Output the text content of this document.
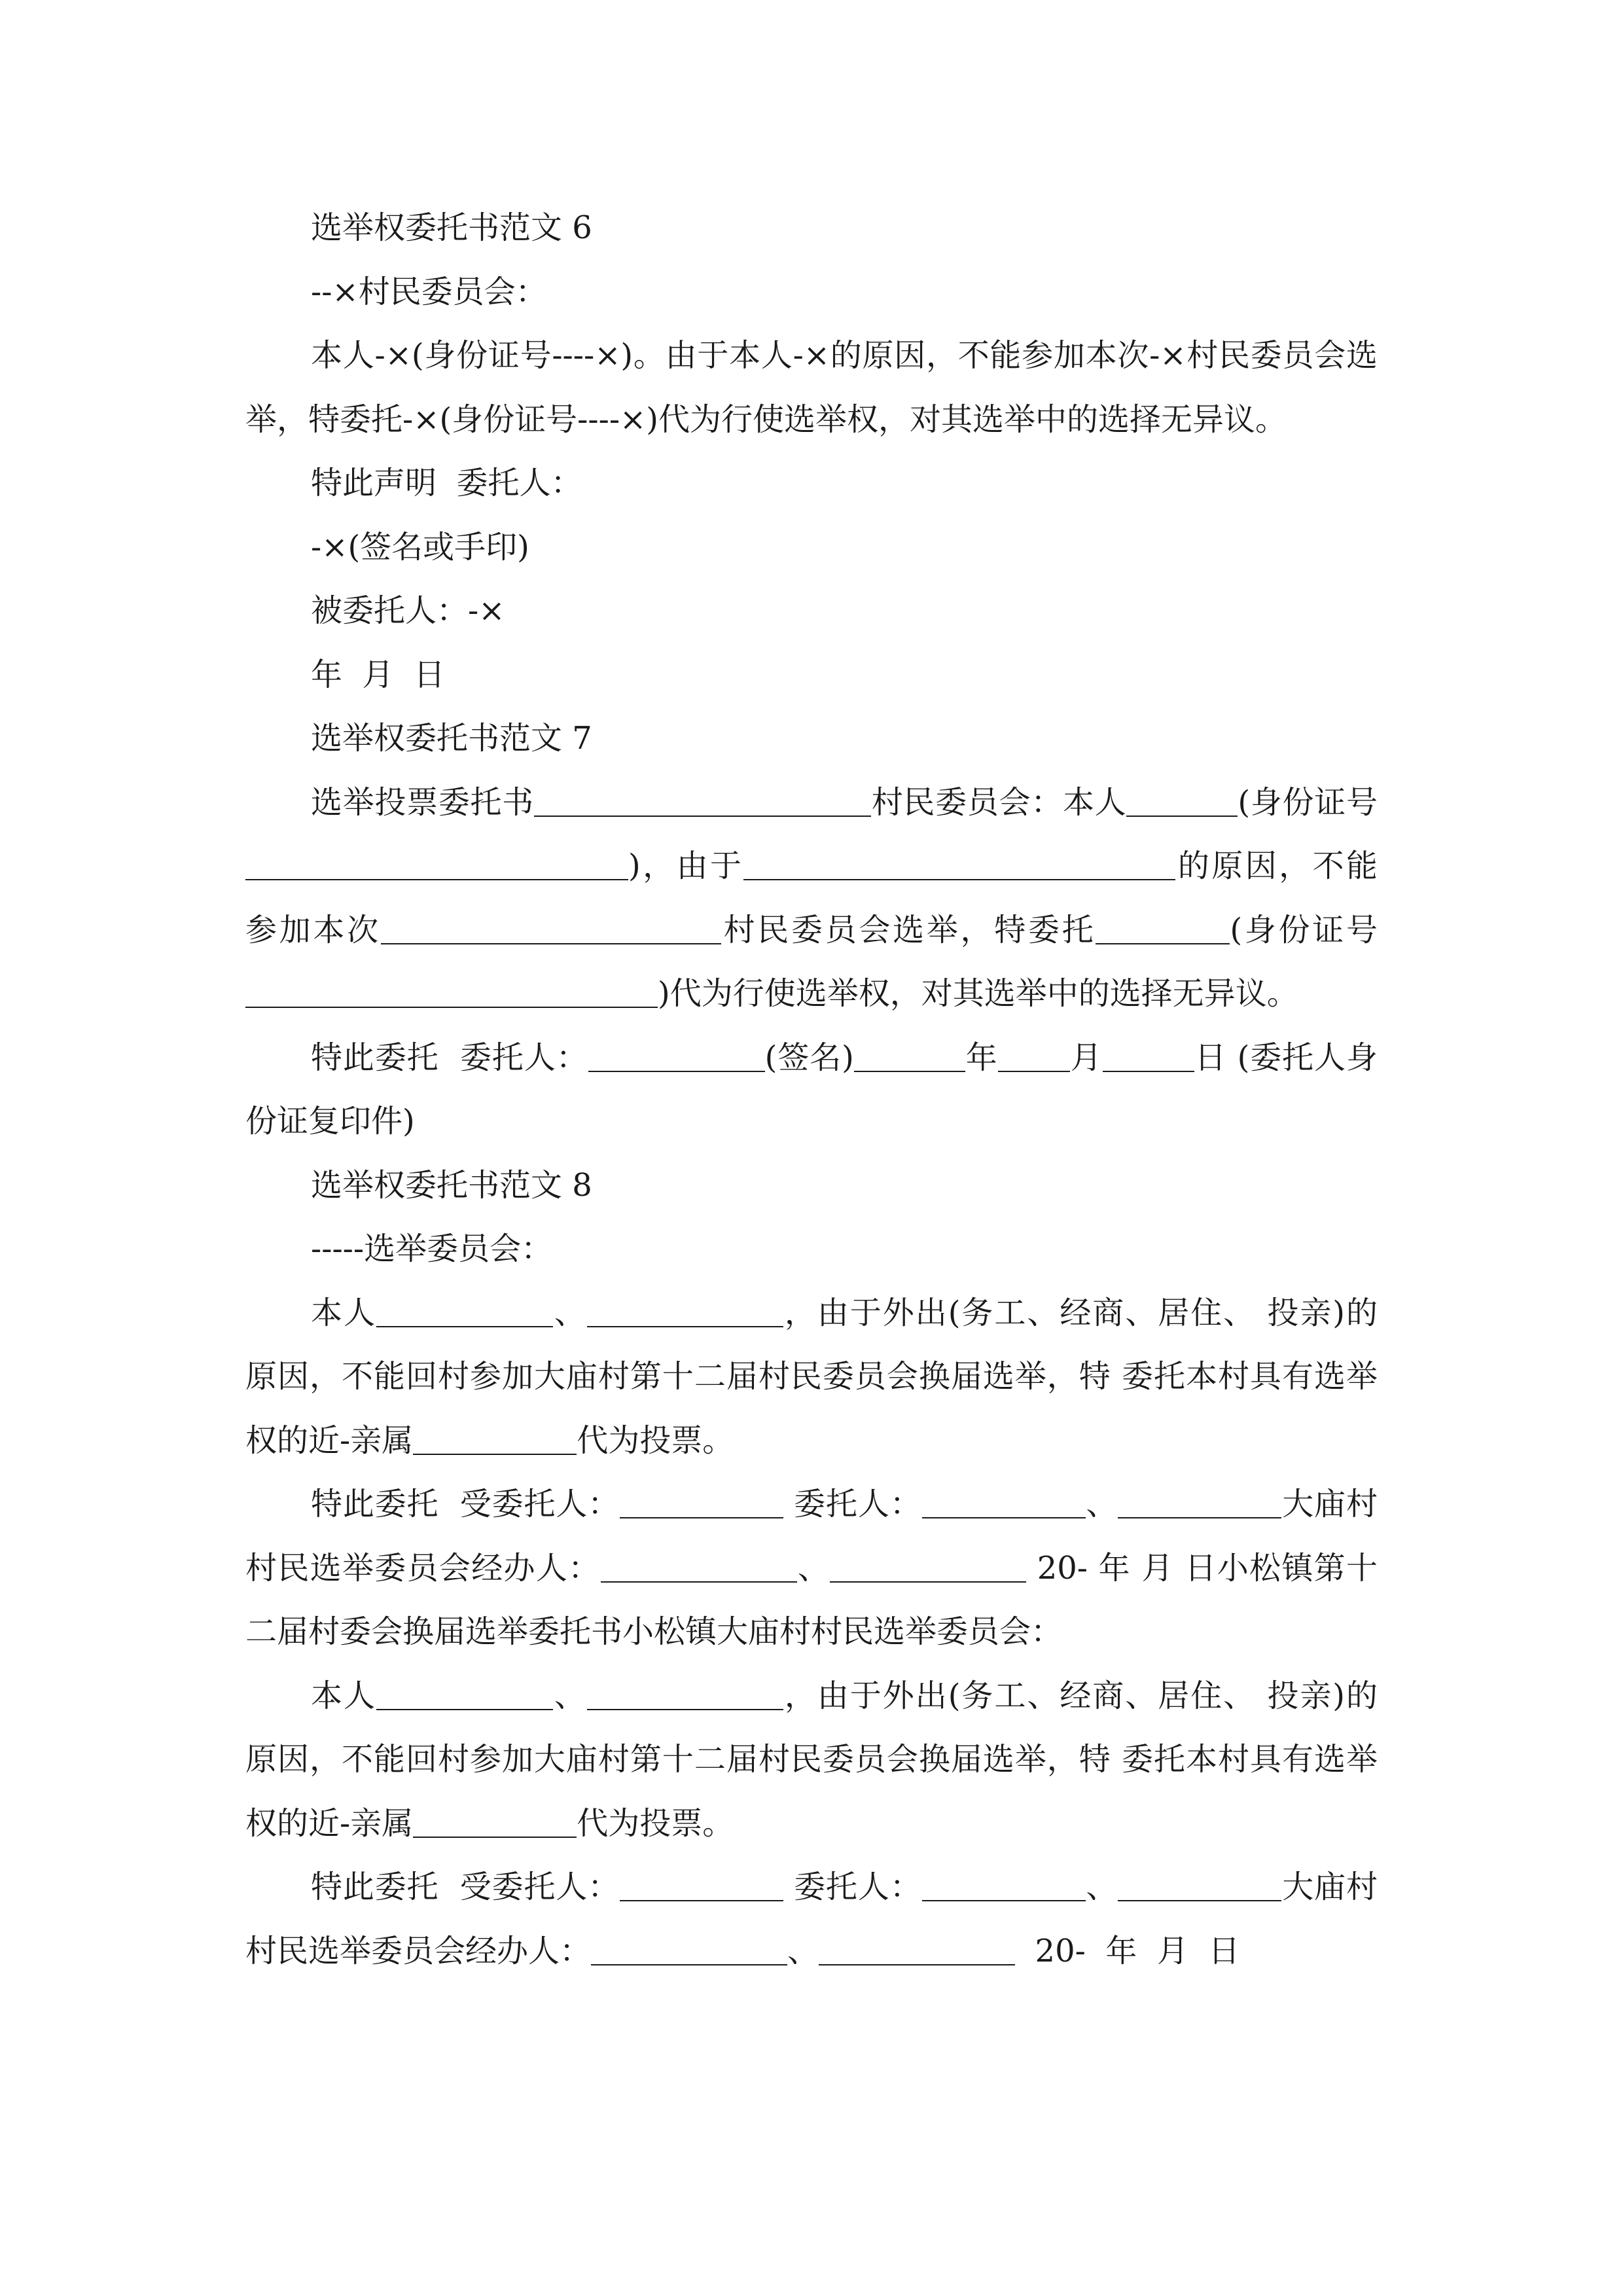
选举权委托书范文 6

--×村民委员会：

本人-×(身份证号----×)。由于本人-×的原因，不能参加本次-×村民委员会选举，特委托-×(身份证号----×)代为行使选举权，对其选举中的选择无异议。

特此声明  委托人：

-×(签名或手印)

被委托人：-×

年  月  日

选举权委托书范文 7

选举投票委托书	村民委员会：本人	(身份证号)，由于	的原因，不能参加本次	村民委员会选举，特委托	(身份证号)代为行使选举权，对其选举中的选择无异议。

特此委托  委托人：	(签名)	年 月	日 (委托人身份证复印件)

选举权委托书范文 8

-----选举委员会：

本人	、	，由于外出(务工、经商、居住、 投亲)的原因，不能回村参加大庙村第十二届村民委员会换届选举，特 委托本村具有选举权的近-亲属	代为投票。

特此委托  受委托人：	委托人：	、	大庙村村民选举委员会经办人：	、	20- 年 月 日小松镇第十二届村委会换届选举委托书小松镇大庙村村民选举委员会：

本人	、	，由于外出(务工、经商、居住、 投亲)的原因，不能回村参加大庙村第十二届村民委员会换届选举，特 委托本村具有选举权的近-亲属	代为投票。

特此委托  受委托人：	委托人：	、	大庙村村民选举委员会经办人：	、	20-  年  月  日
